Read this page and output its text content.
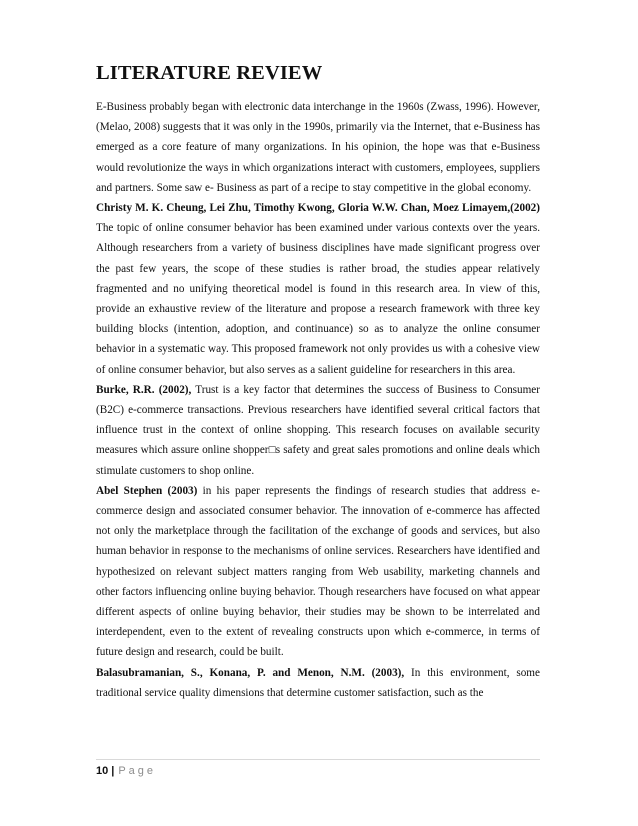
LITERATURE REVIEW

E-Business probably began with electronic data interchange in the 1960s (Zwass, 1996). However, (Melao, 2008) suggests that it was only in the 1990s, primarily via the Internet, that e-Business has emerged as a core feature of many organizations. In his opinion, the hope was that e-Business would revolutionize the ways in which organizations interact with customers, employees, suppliers and partners. Some saw e- Business as part of a recipe to stay competitive in the global economy.

Christy M. K. Cheung, Lei Zhu, Timothy Kwong, Gloria W.W. Chan, Moez Limayem,(2002) The topic of online consumer behavior has been examined under various contexts over the years. Although researchers from a variety of business disciplines have made significant progress over the past few years, the scope of these studies is rather broad, the studies appear relatively fragmented and no unifying theoretical model is found in this research area. In view of this, provide an exhaustive review of the literature and propose a research framework with three key building blocks (intention, adoption, and continuance) so as to analyze the online consumer behavior in a systematic way. This proposed framework not only provides us with a cohesive view of online consumer behavior, but also serves as a salient guideline for researchers in this area.

Burke, R.R. (2002), Trust is a key factor that determines the success of Business to Consumer (B2C) e-commerce transactions. Previous researchers have identified several critical factors that influence trust in the context of online shopping. This research focuses on available security measures which assure online shopper□s safety and great sales promotions and online deals which stimulate customers to shop online.

Abel Stephen (2003) in his paper represents the findings of research studies that address e-commerce design and associated consumer behavior. The innovation of e-commerce has affected not only the marketplace through the facilitation of the exchange of goods and services, but also human behavior in response to the mechanisms of online services. Researchers have identified and hypothesized on relevant subject matters ranging from Web usability, marketing channels and other factors influencing online buying behavior. Though researchers have focused on what appear different aspects of online buying behavior, their studies may be shown to be interrelated and interdependent, even to the extent of revealing constructs upon which e-commerce, in terms of future design and research, could be built.

Balasubramanian, S., Konana, P. and Menon, N.M. (2003), In this environment, some traditional service quality dimensions that determine customer satisfaction, such as the

10 | Page
